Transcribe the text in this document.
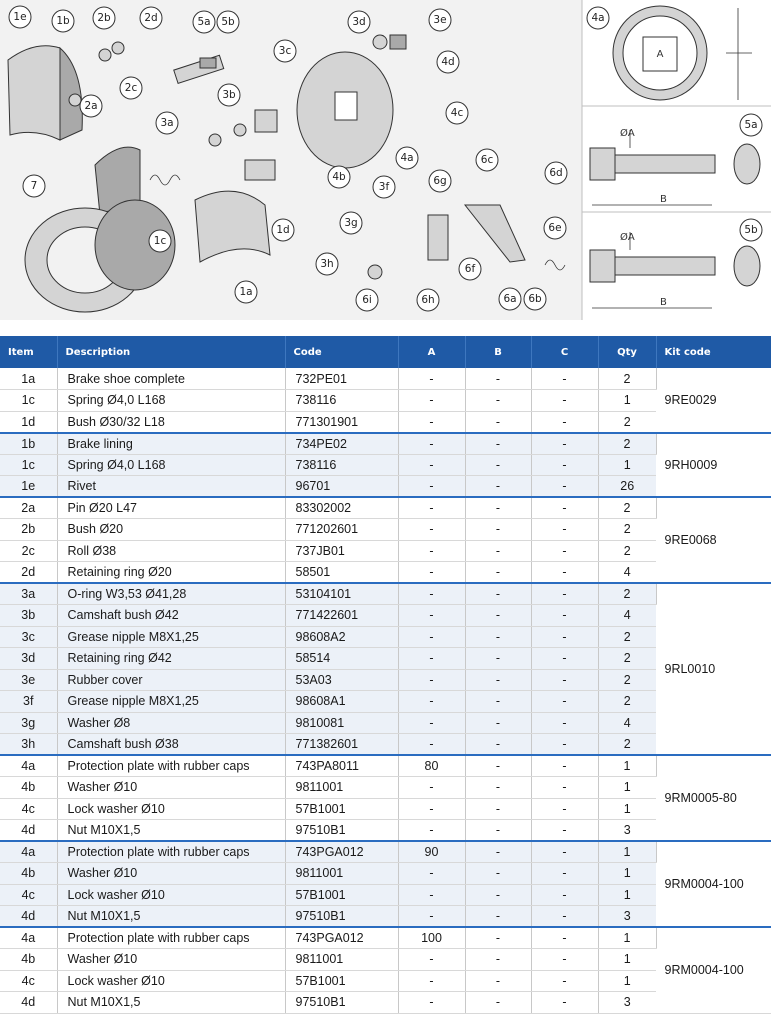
1e	1b	2b	2d
2a
2c
5a 5b
3c
3d	3e
4d
4c
4a
3a
3b
4b
1c
1d
1a
7	3f
3g
3h
6c
6d
6g
6e
6f
6i	6h	6a 6b
A
4a
ØA
B
5a
ØA
B
5b
Item	Description	Code	A	B	C	Qty	Kit code
1a	Brake shoe complete	732PE01	-	-	-	2	9RE0029
1c	Spring Ø4,0 L168	738116	-	-	-	1	
1d	Bush Ø30/32 L18	771301901	-	-	-	2	
1b	Brake lining	734PE02	-	-	-	2	9RH0009
1c	Spring Ø4,0 L168	738116	-	-	-	1	
1e	Rivet	96701	-	-	-	26	
2a	Pin Ø20 L47	83302002	-	-	-	2	9RE0068
2b	Bush Ø20	771202601	-	-	-	2	
2c	Roll Ø38	737JB01	-	-	-	2	
2d	Retaining ring Ø20	58501	-	-	-	4	
3a	O-ring W3,53 Ø41,28	53104101	-	-	-	2	9RL0010
3b	Camshaft bush Ø42	771422601	-	-	-	4	
3c	Grease nipple M8X1,25	98608A2	-	-	-	2	
3d	Retaining ring Ø42	58514	-	-	-	2	
3e	Rubber cover	53A03	-	-	-	2	
3f	Grease nipple M8X1,25	98608A1	-	-	-	2	
3g	Washer Ø8	9810081	-	-	-	4	
3h	Camshaft bush Ø38	771382601	-	-	-	2	
4a	Protection plate with rubber caps	743PA8011	80	-	-	1	9RM0005-80
4b	Washer Ø10	9811001	-	-	-	1	
4c	Lock washer Ø10	57B1001	-	-	-	1	
4d	Nut M10X1,5	97510B1	-	-	-	3	
4a	Protection plate with rubber caps	743PGA012	90	-	-	1	9RM0004-100
4b	Washer Ø10	9811001	-	-	-	1	
4c	Lock washer Ø10	57B1001	-	-	-	1	
4d	Nut M10X1,5	97510B1	-	-	-	3	
4a	Protection plate with rubber caps	743PGA012	100	-	-	1	9RM0004-100
4b	Washer Ø10	9811001	-	-	-	1	
4c	Lock washer Ø10	57B1001	-	-	-	1	
4d	Nut M10X1,5	97510B1	-	-	-	3	
